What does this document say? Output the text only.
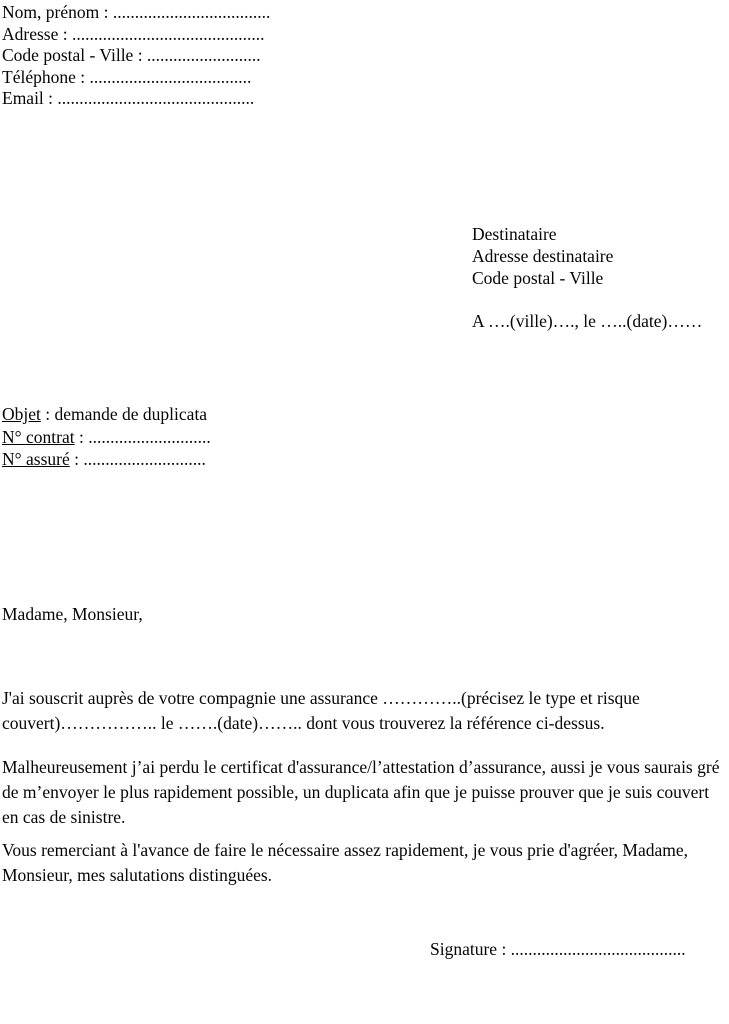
Nom, prénom : ....................................
Adresse : ............................................
Code postal - Ville : ..........................
Téléphone : .....................................
Email : .............................................
Destinataire
Adresse destinataire
Code postal - Ville
A ….(ville)…., le …..(date)……
Objet : demande de duplicata
N° contrat : ............................
N° assuré : ............................
Madame, Monsieur,

J'ai souscrit auprès de votre compagnie une assurance …………..(précisez le type et risque couvert)…………….. le …….(date)…….. dont vous trouverez la référence ci-dessus.

Malheureusement j’ai perdu le certificat d'assurance/l’attestation d’assurance, aussi je vous saurais gré de m’envoyer le plus rapidement possible, un duplicata afin que je puisse prouver que je suis couvert en cas de sinistre.

Vous remerciant à l'avance de faire le nécessaire assez rapidement, je vous prie d'agréer, Madame, Monsieur, mes salutations distinguées.

Signature : ........................................
